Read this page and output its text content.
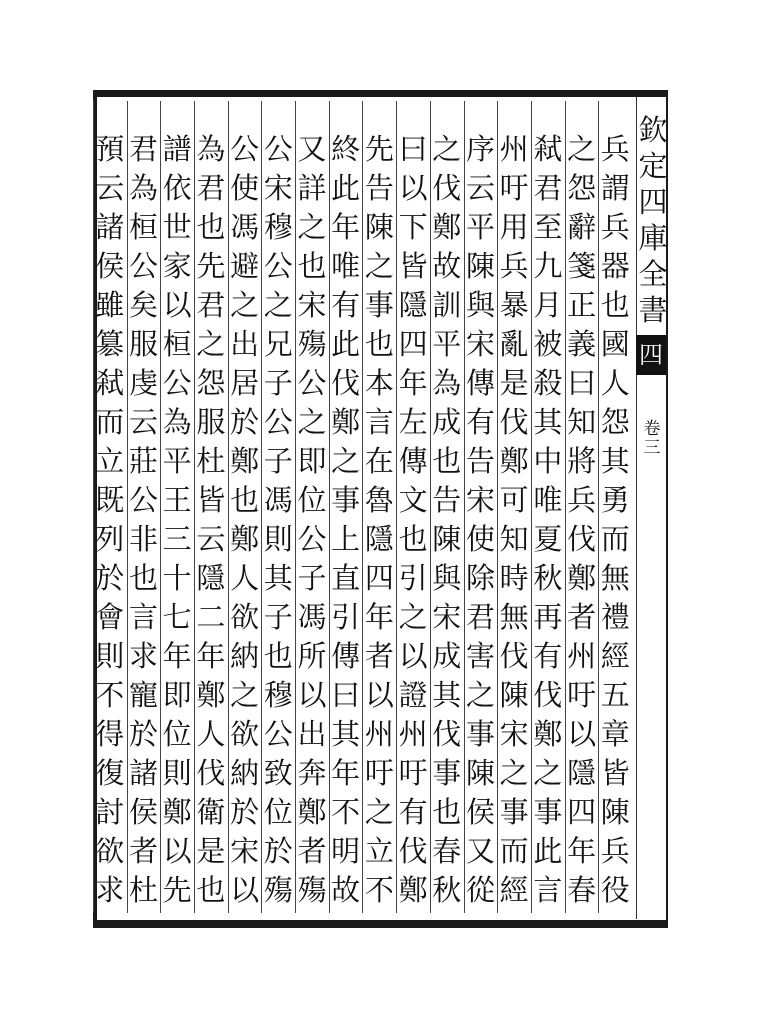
欽
定
四
庫
全
書
四
卷
三
兵
謂
兵
器
也
國
人
怨
其
勇
而
無
禮
經
五
章
皆
陳
兵
役
之
怨
辭
箋
正
義
曰
知
將
兵
伐
鄭
者
州
吁
以
隱
四
年
春
弒
君
至
九
月
被
殺
其
中
唯
夏
秋
再
有
伐
鄭
之
事
此
言
州
吁
用
兵
暴
亂
是
伐
鄭
可
知
時
無
伐
陳
宋
之
事
而
經
序
云
平
陳
與
宋
傳
有
告
宋
使
除
君
害
之
事
陳
侯
又
從
之
伐
鄭
故
訓
平
為
成
也
告
陳
與
宋
成
其
伐
事
也
春
秋
曰
以
下
皆
隱
四
年
左
傳
文
也
引
之
以
證
州
吁
有
伐
鄭
先
告
陳
之
事
也
本
言
在
魯
隱
四
年
者
以
州
吁
之
立
不
終
此
年
唯
有
此
伐
鄭
之
事
上
直
引
傳
曰
其
年
不
明
故
又
詳
之
也
宋
殤
公
之
即
位
公
子
馮
所
以
出
奔
鄭
者
殤
公
宋
穆
公
之
兄
子
公
子
馮
則
其
子
也
穆
公
致
位
於
殤
公
使
馮
避
之
出
居
於
鄭
也
鄭
人
欲
納
之
欲
納
於
宋
以
為
君
也
先
君
之
怨
服
杜
皆
云
隱
二
年
鄭
人
伐
衛
是
也
譜
依
世
家
以
桓
公
為
平
王
三
十
七
年
即
位
則
鄭
以
先
君
為
桓
公
矣
服
虔
云
莊
公
非
也
言
求
寵
於
諸
侯
者
杜
預
云
諸
侯
雖
簒
弒
而
立
既
列
於
會
則
不
得
復
討
欲
求
